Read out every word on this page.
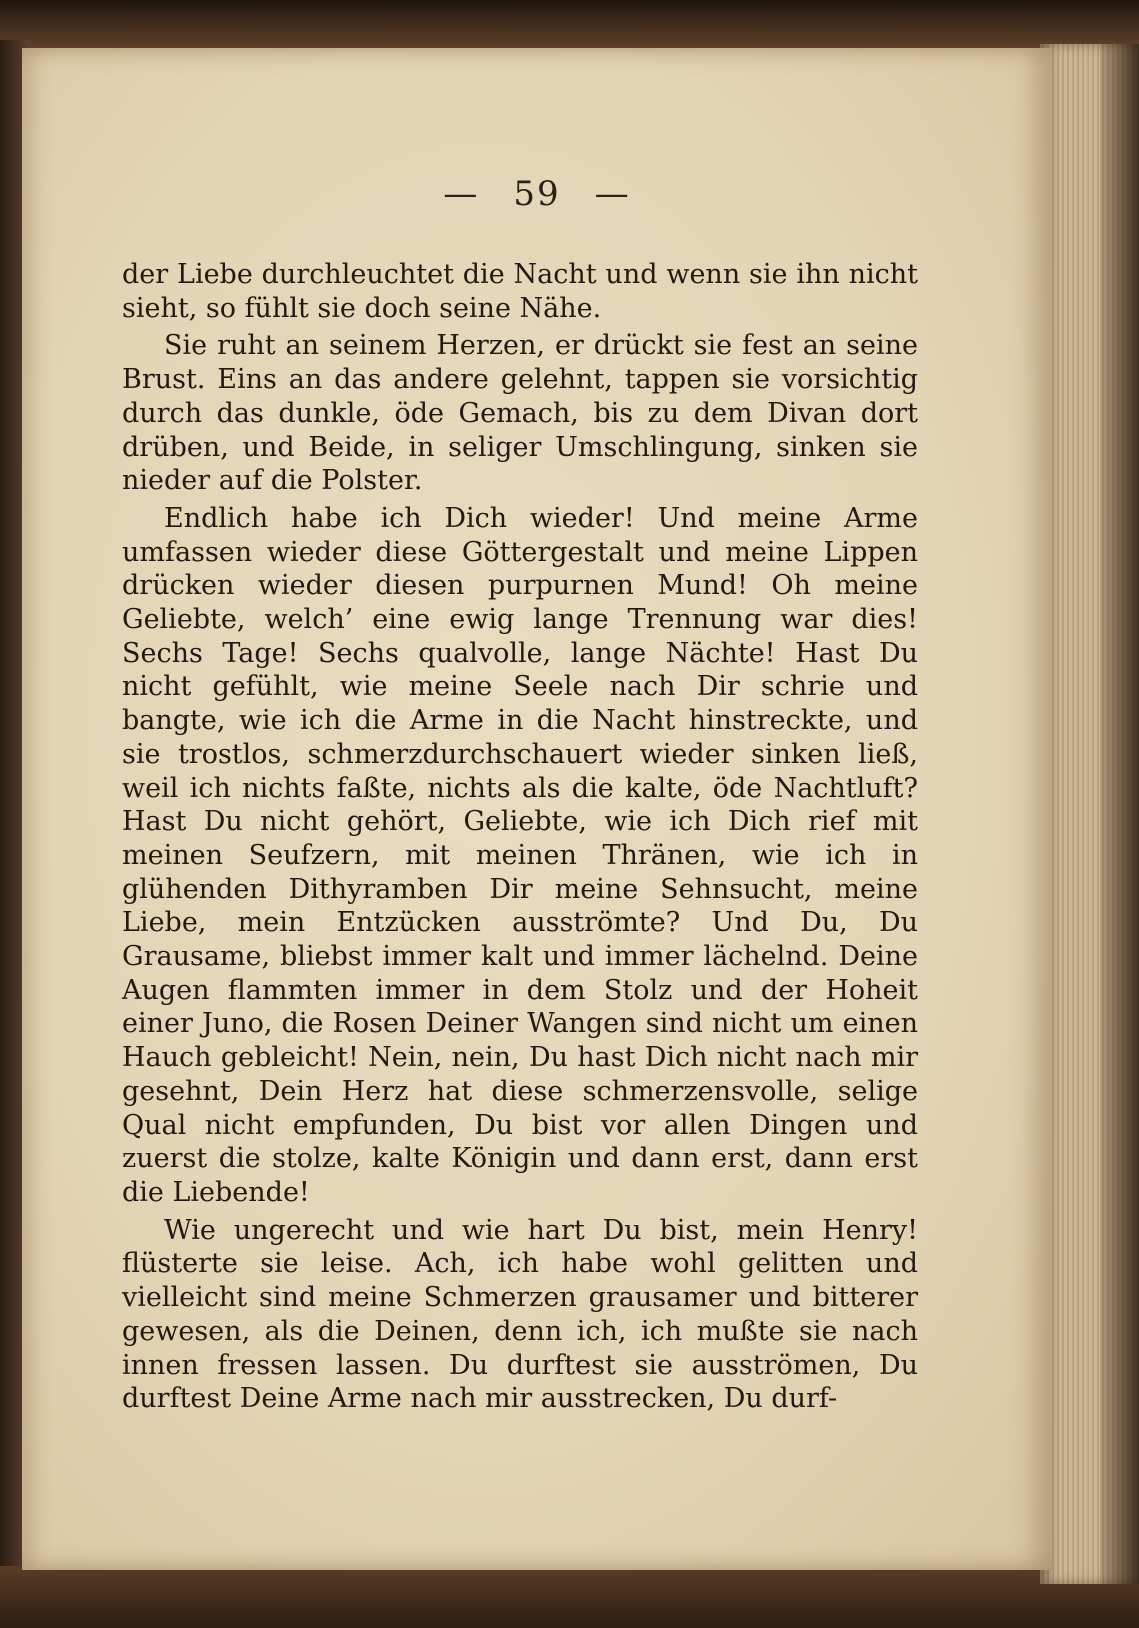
— 59 —

der Liebe durchleuchtet die Nacht und wenn sie ihn nicht sieht, so fühlt sie doch seine Nähe.

Sie ruht an seinem Herzen, er drückt sie fest an seine Brust. Eins an das andere gelehnt, tappen sie vorsichtig durch das dunkle, öde Gemach, bis zu dem Divan dort drüben, und Beide, in seliger Umschlingung, sinken sie nieder auf die Polster.

Endlich habe ich Dich wieder! Und meine Arme umfassen wieder diese Göttergestalt und meine Lippen drücken wieder diesen purpurnen Mund! Oh meine Geliebte, welch’ eine ewig lange Trennung war dies! Sechs Tage! Sechs qualvolle, lange Nächte! Hast Du nicht gefühlt, wie meine Seele nach Dir schrie und bangte, wie ich die Arme in die Nacht hinstreckte, und sie trostlos, schmerzdurchschauert wieder sinken ließ, weil ich nichts faßte, nichts als die kalte, öde Nachtluft? Hast Du nicht gehört, Geliebte, wie ich Dich rief mit meinen Seufzern, mit meinen Thränen, wie ich in glühenden Dithyramben Dir meine Sehnsucht, meine Liebe, mein Entzücken ausströmte? Und Du, Du Grausame, bliebst immer kalt und immer lächelnd. Deine Augen flammten immer in dem Stolz und der Hoheit einer Juno, die Rosen Deiner Wangen sind nicht um einen Hauch gebleicht! Nein, nein, Du hast Dich nicht nach mir gesehnt, Dein Herz hat diese schmerzensvolle, selige Qual nicht empfunden, Du bist vor allen Dingen und zuerst die stolze, kalte Königin und dann erst, dann erst die Liebende!

Wie ungerecht und wie hart Du bist, mein Henry! flüsterte sie leise. Ach, ich habe wohl gelitten und vielleicht sind meine Schmerzen grausamer und bitterer gewesen, als die Deinen, denn ich, ich mußte sie nach innen fressen lassen. Du durftest sie ausströmen, Du durftest Deine Arme nach mir ausstrecken, Du durf-
